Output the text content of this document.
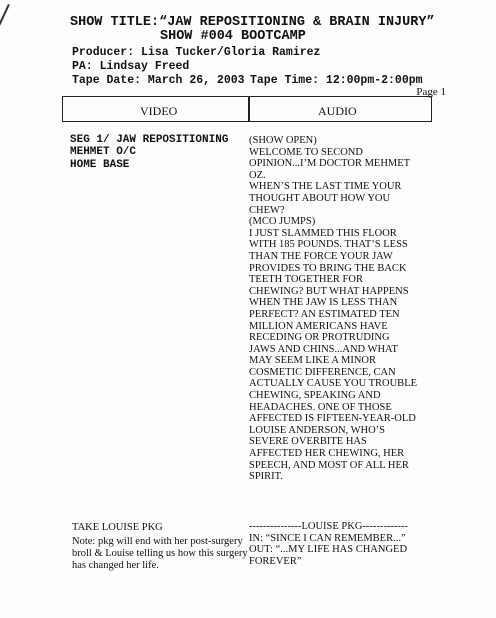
SHOW TITLE:“JAW REPOSITIONING & BRAIN INJURY”
SHOW #004 BOOTCAMP
Producer: Lisa Tucker/Gloria Ramirez
PA: Lindsay Freed
Tape Date: March 26, 2003 Tape Time: 12:00pm-2:00pm
Page 1
VIDEO	AUDIO
SEG 1/ JAW REPOSITIONING
MEHMET O/C
HOME BASE
(SHOW OPEN)
WELCOME TO SECOND
OPINION...I’M DOCTOR MEHMET
OZ.
WHEN’S THE LAST TIME YOUR
THOUGHT ABOUT HOW YOU
CHEW?
(MCO JUMPS)
I JUST SLAMMED THIS FLOOR
WITH 185 POUNDS. THAT’S LESS
THAN THE FORCE YOUR JAW
PROVIDES TO BRING THE BACK
TEETH TOGETHER FOR
CHEWING? BUT WHAT HAPPENS
WHEN THE JAW IS LESS THAN
PERFECT? AN ESTIMATED TEN
MILLION AMERICANS HAVE
RECEDING OR PROTRUDING
JAWS AND CHINS...AND WHAT
MAY SEEM LIKE A MINOR
COSMETIC DIFFERENCE, CAN
ACTUALLY CAUSE YOU TROUBLE
CHEWING, SPEAKING AND
HEADACHES. ONE OF THOSE
AFFECTED IS FIFTEEN-YEAR-OLD
LOUISE ANDERSON, WHO’S
SEVERE OVERBITE HAS
AFFECTED HER CHEWING, HER
SPEECH, AND MOST OF ALL HER
SPIRIT.
TAKE LOUISE PKG
Note: pkg will end with her post-surgery broll & Louise telling us how this surgery has changed her life.
---------------LOUISE PKG-------------
IN: “SINCE I CAN REMEMBER...”
OUT: “...MY LIFE HAS CHANGED
FOREVER”
